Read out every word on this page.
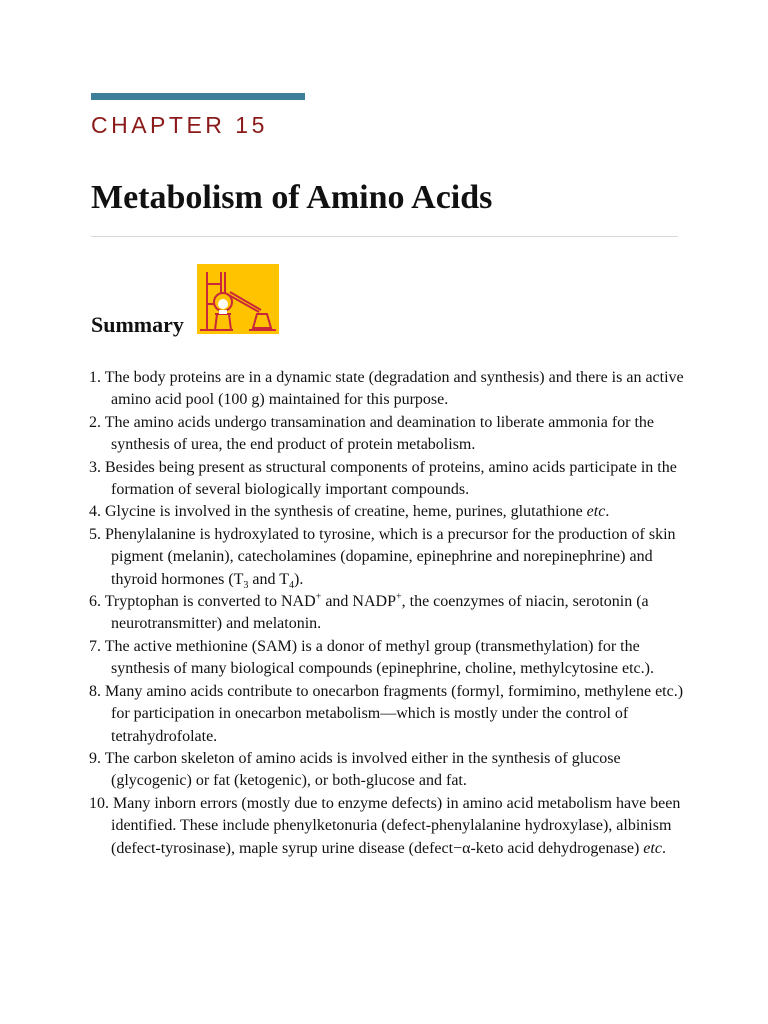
CHAPTER 15
Metabolism of Amino Acids
Summary
1. The body proteins are in a dynamic state (degradation and synthesis) and there is an active amino acid pool (100 g) maintained for this purpose.
2. The amino acids undergo transamination and deamination to liberate ammonia for the synthesis of urea, the end product of protein metabolism.
3. Besides being present as structural components of proteins, amino acids participate in the formation of several biologically important compounds.
4. Glycine is involved in the synthesis of creatine, heme, purines, glutathione etc.
5. Phenylalanine is hydroxylated to tyrosine, which is a precursor for the production of skin pigment (melanin), catecholamines (dopamine, epinephrine and norepinephrine) and thyroid hormones ($T_3$ and $T_4$).
6. Tryptophan is converted to NAD+ and NADP+, the coenzymes of niacin, serotonin (a neurotransmitter) and melatonin.
7. The active methionine (SAM) is a donor of methyl group (transmethylation) for the synthesis of many biological compounds (epinephrine, choline, methylcytosine etc.).
8. Many amino acids contribute to onecarbon fragments (formyl, formimino, methylene etc.) for participation in onecarbon metabolism—which is mostly under the control of tetrahydrofolate.
9. The carbon skeleton of amino acids is involved either in the synthesis of glucose (glycogenic) or fat (ketogenic), or both-glucose and fat.
10. Many inborn errors (mostly due to enzyme defects) in amino acid metabolism have been identified. These include phenylketonuria (defect-phenylalanine hydroxylase), albinism (defect-tyrosinase), maple syrup urine disease (defect−α-keto acid dehydrogenase) etc.
